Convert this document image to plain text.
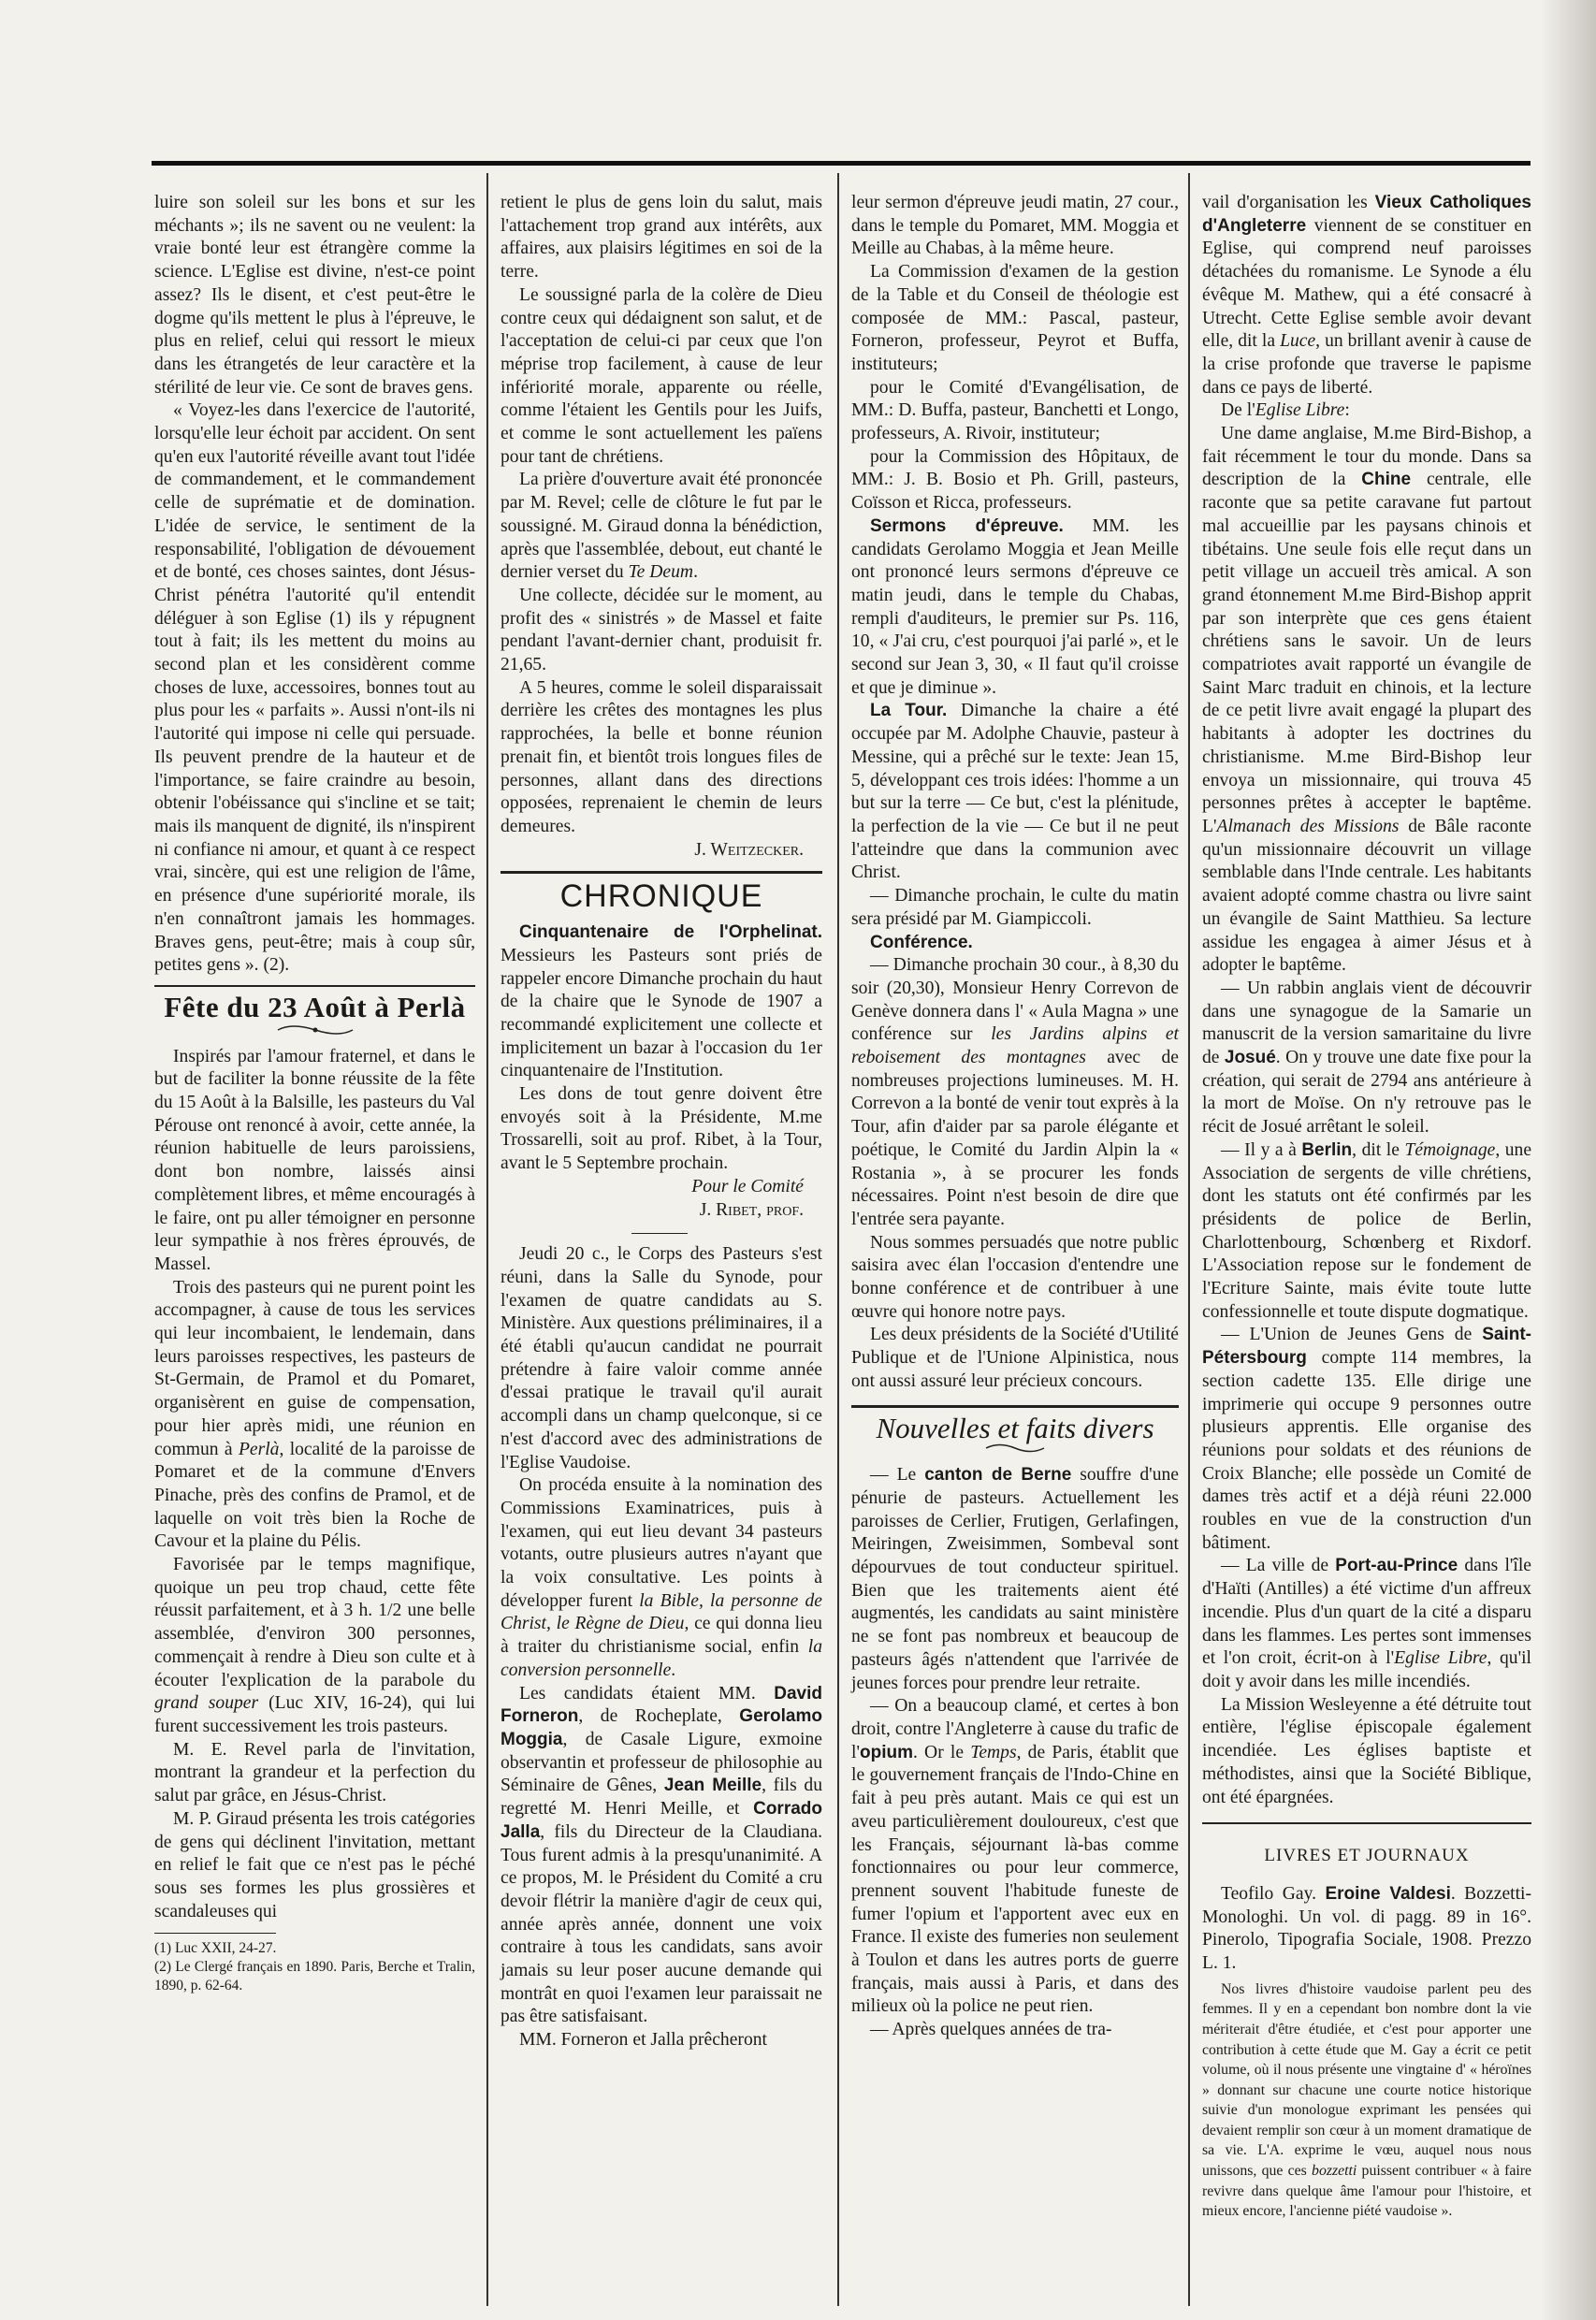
luire son soleil sur les bons et sur les méchants »; ils ne savent ou ne veulent: la vraie bonté leur est étrangère comme la science. L'Eglise est divine, n'est-ce point assez? Ils le disent, et c'est peut-être le dogme qu'ils mettent le plus à l'épreuve, le plus en relief, celui qui ressort le mieux dans les étrangetés de leur caractère et la stérilité de leur vie. Ce sont de braves gens.

« Voyez-les dans l'exercice de l'autorité, lorsqu'elle leur échoit par accident. On sent qu'en eux l'autorité réveille avant tout l'idée de commandement, et le commandement celle de suprématie et de domination. L'idée de service, le sentiment de la responsabilité, l'obligation de dévouement et de bonté, ces choses saintes, dont Jésus-Christ pénétra l'autorité qu'il entendit déléguer à son Eglise (1) ils y répugnent tout à fait; ils les mettent du moins au second plan et les considèrent comme choses de luxe, accessoires, bonnes tout au plus pour les « parfaits ». Aussi n'ont-ils ni l'autorité qui impose ni celle qui persuade. Ils peuvent prendre de la hauteur et de l'importance, se faire craindre au besoin, obtenir l'obéissance qui s'incline et se tait; mais ils manquent de dignité, ils n'inspirent ni confiance ni amour, et quant à ce respect vrai, sincère, qui est une religion de l'âme, en présence d'une supériorité morale, ils n'en connaîtront jamais les hommages. Braves gens, peut-être; mais à coup sûr, petites gens ». (2).

Fête du 23 Août à Perlà

Inspirés par l'amour fraternel, et dans le but de faciliter la bonne réussite de la fête du 15 Août à la Balsille, les pasteurs du Val Pérouse ont renoncé à avoir, cette année, la réunion habituelle de leurs paroissiens, dont bon nombre, laissés ainsi complètement libres, et même encouragés à le faire, ont pu aller témoigner en personne leur sympathie à nos frères éprouvés, de Massel.

Trois des pasteurs qui ne purent point les accompagner, à cause de tous les services qui leur incombaient, le lendemain, dans leurs paroisses respectives, les pasteurs de St-Germain, de Pramol et du Pomaret, organisèrent en guise de compensation, pour hier après midi, une réunion en commun à Perlà, localité de la paroisse de Pomaret et de la commune d'Envers Pinache, près des confins de Pramol, et de laquelle on voit très bien la Roche de Cavour et la plaine du Pélis.

Favorisée par le temps magnifique, quoique un peu trop chaud, cette fête réussit parfaitement, et à 3 h. 1/2 une belle assemblée, d'environ 300 personnes, commençait à rendre à Dieu son culte et à écouter l'explication de la parabole du grand souper (Luc XIV, 16-24), qui lui furent successivement les trois pasteurs.

M. E. Revel parla de l'invitation, montrant la grandeur et la perfection du salut par grâce, en Jésus-Christ.

M. P. Giraud présenta les trois catégories de gens qui déclinent l'invitation, mettant en relief le fait que ce n'est pas le péché sous ses formes les plus grossières et scandaleuses qui

(1) Luc XXII, 24-27.
(2) Le Clergé français en 1890. Paris, Berche et Tralin, 1890, p. 62-64.

retient le plus de gens loin du salut, mais l'attachement trop grand aux intérêts, aux affaires, aux plaisirs légitimes en soi de la terre.

Le soussigné parla de la colère de Dieu contre ceux qui dédaignent son salut, et de l'acceptation de celui-ci par ceux que l'on méprise trop facilement, à cause de leur infériorité morale, apparente ou réelle, comme l'étaient les Gentils pour les Juifs, et comme le sont actuellement les païens pour tant de chrétiens.

La prière d'ouverture avait été prononcée par M. Revel; celle de clôture le fut par le soussigné. M. Giraud donna la bénédiction, après que l'assemblée, debout, eut chanté le dernier verset du Te Deum.

Une collecte, décidée sur le moment, au profit des « sinistrés » de Massel et faite pendant l'avant-dernier chant, produisit fr. 21,65.

A 5 heures, comme le soleil disparaissait derrière les crêtes des montagnes les plus rapprochées, la belle et bonne réunion prenait fin, et bientôt trois longues files de personnes, allant dans des directions opposées, reprenaient le chemin de leurs demeures.

J. Weitzecker.
CHRONIQUE

Cinquantenaire de l'Orphelinat. Messieurs les Pasteurs sont priés de rappeler encore Dimanche prochain du haut de la chaire que le Synode de 1907 a recommandé explicitement une collecte et implicitement un bazar à l'occasion du 1er cinquantenaire de l'Institution.

Les dons de tout genre doivent être envoyés soit à la Présidente, M.me Trossarelli, soit au prof. Ribet, à la Tour, avant le 5 Septembre prochain.

Pour le Comité
J. Ribet, prof.

Jeudi 20 c., le Corps des Pasteurs s'est réuni, dans la Salle du Synode, pour l'examen de quatre candidats au S. Ministère. Aux questions préliminaires, il a été établi qu'aucun candidat ne pourrait prétendre à faire valoir comme année d'essai pratique le travail qu'il aurait accompli dans un champ quelconque, si ce n'est d'accord avec des administrations de l'Eglise Vaudoise.

On procéda ensuite à la nomination des Commissions Examinatrices, puis à l'examen, qui eut lieu devant 34 pasteurs votants, outre plusieurs autres n'ayant que la voix consultative. Les points à développer furent la Bible, la personne de Christ, le Règne de Dieu, ce qui donna lieu à traiter du christianisme social, enfin la conversion personnelle.

Les candidats étaient MM. David Forneron, de Rocheplate, Gerolamo Moggia, de Casale Ligure, exmoine observantin et professeur de philosophie au Séminaire de Gênes, Jean Meille, fils du regretté M. Henri Meille, et Corrado Jalla, fils du Directeur de la Claudiana. Tous furent admis à la presqu'unanimité. A ce propos, M. le Président du Comité a cru devoir flétrir la manière d'agir de ceux qui, année après année, donnent une voix contraire à tous les candidats, sans avoir jamais su leur poser aucune demande qui montrât en quoi l'examen leur paraissait ne pas être satisfaisant.

MM. Forneron et Jalla prêcheront

leur sermon d'épreuve jeudi matin, 27 cour., dans le temple du Pomaret, MM. Moggia et Meille au Chabas, à la même heure.

La Commission d'examen de la gestion de la Table et du Conseil de théologie est composée de MM.: Pascal, pasteur, Forneron, professeur, Peyrot et Buffa, instituteurs;

pour le Comité d'Evangélisation, de MM.: D. Buffa, pasteur, Banchetti et Longo, professeurs, A. Rivoir, instituteur;

pour la Commission des Hôpitaux, de MM.: J. B. Bosio et Ph. Grill, pasteurs, Coïsson et Ricca, professeurs.

Sermons d'épreuve. MM. les candidats Gerolamo Moggia et Jean Meille ont prononcé leurs sermons d'épreuve ce matin jeudi, dans le temple du Chabas, rempli d'auditeurs, le premier sur Ps. 116, 10, « J'ai cru, c'est pourquoi j'ai parlé », et le second sur Jean 3, 30, « Il faut qu'il croisse et que je diminue ».

La Tour. Dimanche la chaire a été occupée par M. Adolphe Chauvie, pasteur à Messine, qui a prêché sur le texte: Jean 15, 5, développant ces trois idées: l'homme a un but sur la terre — Ce but, c'est la plénitude, la perfection de la vie — Ce but il ne peut l'atteindre que dans la communion avec Christ.

— Dimanche prochain, le culte du matin sera présidé par M. Giampiccoli.

Conférence.

— Dimanche prochain 30 cour., à 8,30 du soir (20,30), Monsieur Henry Correvon de Genève donnera dans l' « Aula Magna » une conférence sur les Jardins alpins et reboisement des montagnes avec de nombreuses projections lumineuses. M. H. Correvon a la bonté de venir tout exprès à la Tour, afin d'aider par sa parole élégante et poétique, le Comité du Jardin Alpin la « Rostania », à se procurer les fonds nécessaires. Point n'est besoin de dire que l'entrée sera payante.

Nous sommes persuadés que notre public saisira avec élan l'occasion d'entendre une bonne conférence et de contribuer à une œuvre qui honore notre pays.

Les deux présidents de la Société d'Utilité Publique et de l'Unione Alpinistica, nous ont aussi assuré leur précieux concours.

Nouvelles et faits divers

— Le canton de Berne souffre d'une pénurie de pasteurs. Actuellement les paroisses de Cerlier, Frutigen, Gerlafingen, Meiringen, Zweisimmen, Sombeval sont dépourvues de tout conducteur spirituel. Bien que les traitements aient été augmentés, les candidats au saint ministère ne se font pas nombreux et beaucoup de pasteurs âgés n'attendent que l'arrivée de jeunes forces pour prendre leur retraite.

— On a beaucoup clamé, et certes à bon droit, contre l'Angleterre à cause du trafic de l'opium. Or le Temps, de Paris, établit que le gouvernement français de l'Indo-Chine en fait à peu près autant. Mais ce qui est un aveu particulièrement douloureux, c'est que les Français, séjournant là-bas comme fonctionnaires ou pour leur commerce, prennent souvent l'habitude funeste de fumer l'opium et l'apportent avec eux en France. Il existe des fumeries non seulement à Toulon et dans les autres ports de guerre français, mais aussi à Paris, et dans des milieux où la police ne peut rien.

— Après quelques années de tra-

vail d'organisation les Vieux Catholiques d'Angleterre viennent de se constituer en Eglise, qui comprend neuf paroisses détachées du romanisme. Le Synode a élu évêque M. Mathew, qui a été consacré à Utrecht. Cette Eglise semble avoir devant elle, dit la Luce, un brillant avenir à cause de la crise profonde que traverse le papisme dans ce pays de liberté.

De l'Eglise Libre:

Une dame anglaise, M.me Bird-Bishop, a fait récemment le tour du monde. Dans sa description de la Chine centrale, elle raconte que sa petite caravane fut partout mal accueillie par les paysans chinois et tibétains. Une seule fois elle reçut dans un petit village un accueil très amical. A son grand étonnement M.me Bird-Bishop apprit par son interprète que ces gens étaient chrétiens sans le savoir. Un de leurs compatriotes avait rapporté un évangile de Saint Marc traduit en chinois, et la lecture de ce petit livre avait engagé la plupart des habitants à adopter les doctrines du christianisme. M.me Bird-Bishop leur envoya un missionnaire, qui trouva 45 personnes prêtes à accepter le baptême. L'Almanach des Missions de Bâle raconte qu'un missionnaire découvrit un village semblable dans l'Inde centrale. Les habitants avaient adopté comme chastra ou livre saint un évangile de Saint Matthieu. Sa lecture assidue les engagea à aimer Jésus et à adopter le baptême.

— Un rabbin anglais vient de découvrir dans une synagogue de la Samarie un manuscrit de la version samaritaine du livre de Josué. On y trouve une date fixe pour la création, qui serait de 2794 ans antérieure à la mort de Moïse. On n'y retrouve pas le récit de Josué arrêtant le soleil.

— Il y a à Berlin, dit le Témoignage, une Association de sergents de ville chrétiens, dont les statuts ont été confirmés par les présidents de police de Berlin, Charlottenbourg, Schœnberg et Rixdorf. L'Association repose sur le fondement de l'Ecriture Sainte, mais évite toute lutte confessionnelle et toute dispute dogmatique.

— L'Union de Jeunes Gens de Saint-Pétersbourg compte 114 membres, la section cadette 135. Elle dirige une imprimerie qui occupe 9 personnes outre plusieurs apprentis. Elle organise des réunions pour soldats et des réunions de Croix Blanche; elle possède un Comité de dames très actif et a déjà réuni 22.000 roubles en vue de la construction d'un bâtiment.

— La ville de Port-au-Prince dans l'île d'Haïti (Antilles) a été victime d'un affreux incendie. Plus d'un quart de la cité a disparu dans les flammes. Les pertes sont immenses et l'on croit, écrit-on à l'Eglise Libre, qu'il doit y avoir dans les mille incendiés.

La Mission Wesleyenne a été détruite tout entière, l'église épiscopale également incendiée. Les églises baptiste et méthodistes, ainsi que la Société Biblique, ont été épargnées.

LIVRES ET JOURNAUX

Teofilo Gay. Eroine Valdesi. Bozzetti-Monologhi. Un vol. di pagg. 89 in 16°. Pinerolo, Tipografia Sociale, 1908. Prezzo L. 1.

Nos livres d'histoire vaudoise parlent peu des femmes. Il y en a cependant bon nombre dont la vie mériterait d'être étudiée, et c'est pour apporter une contribution à cette étude que M. Gay a écrit ce petit volume, où il nous présente une vingtaine d' « héroïnes » donnant sur chacune une courte notice historique suivie d'un monologue exprimant les pensées qui devaient remplir son cœur à un moment dramatique de sa vie. L'A. exprime le vœu, auquel nous nous unissons, que ces bozzetti puissent contribuer « à faire revivre dans quelque âme l'amour pour l'histoire, et mieux encore, l'ancienne piété vaudoise ».
